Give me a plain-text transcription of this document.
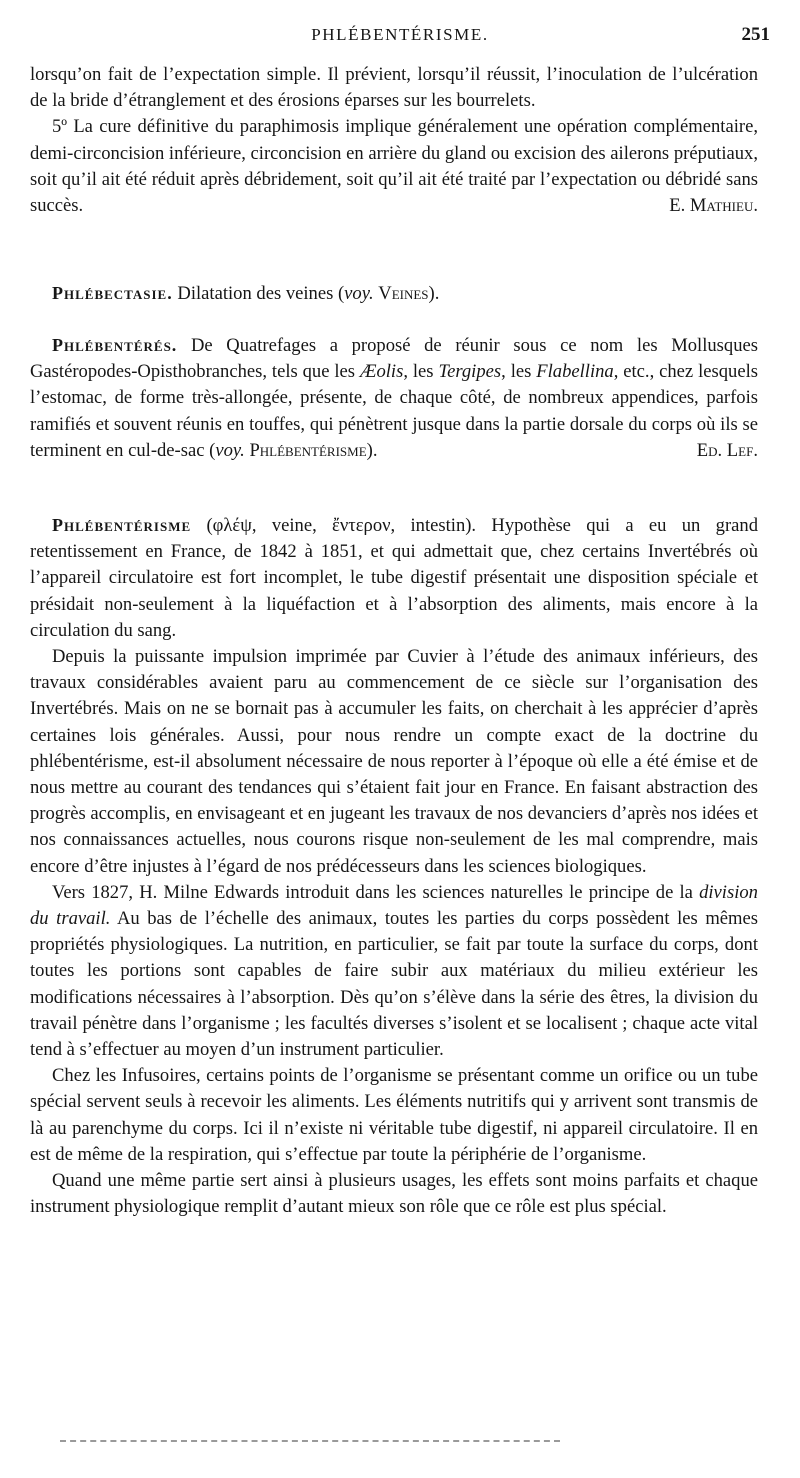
PHLÉBENTÉRISME.	251

lorsqu’on fait de l’expectation simple. Il prévient, lorsqu’il réussit, l’inoculation de l’ulcération de la bride d’étranglement et des érosions éparses sur les bourrelets.

5º La cure définitive du paraphimosis implique généralement une opération complémentaire, demi-circoncision inférieure, circoncision en arrière du gland ou excision des ailerons préputiaux, soit qu’il ait été réduit après débridement, soit qu’il ait été traité par l’expectation ou débridé sans succès.	E. Mathieu.

Phlébectasie. Dilatation des veines (voy. Veines).

Phlébentérés. De Quatrefages a proposé de réunir sous ce nom les Mollusques Gastéropodes-Opisthobranches, tels que les Æolis, les Tergipes, les Flabellina, etc., chez lesquels l’estomac, de forme très-allongée, présente, de chaque côté, de nombreux appendices, parfois ramifiés et souvent réunis en touffes, qui pénètrent jusque dans la partie dorsale du corps où ils se terminent en cul-de-sac (voy. Phlébentérisme).	Ed. Lef.

Phlébentérisme (φλέψ, veine, ἔντερον, intestin). Hypothèse qui a eu un grand retentissement en France, de 1842 à 1851, et qui admettait que, chez certains Invertébrés où l’appareil circulatoire est fort incomplet, le tube digestif présentait une disposition spéciale et présidait non-seulement à la liquéfaction et à l’absorption des aliments, mais encore à la circulation du sang.

Depuis la puissante impulsion imprimée par Cuvier à l’étude des animaux inférieurs, des travaux considérables avaient paru au commencement de ce siècle sur l’organisation des Invertébrés. Mais on ne se bornait pas à accumuler les faits, on cherchait à les apprécier d’après certaines lois générales. Aussi, pour nous rendre un compte exact de la doctrine du phlébentérisme, est-il absolument nécessaire de nous reporter à l’époque où elle a été émise et de nous mettre au courant des tendances qui s’étaient fait jour en France. En faisant abstraction des progrès accomplis, en envisageant et en jugeant les travaux de nos devanciers d’après nos idées et nos connaissances actuelles, nous courons risque non-seulement de les mal comprendre, mais encore d’être injustes à l’égard de nos prédécesseurs dans les sciences biologiques.

Vers 1827, H. Milne Edwards introduit dans les sciences naturelles le principe de la division du travail. Au bas de l’échelle des animaux, toutes les parties du corps possèdent les mêmes propriétés physiologiques. La nutrition, en particulier, se fait par toute la surface du corps, dont toutes les portions sont capables de faire subir aux matériaux du milieu extérieur les modifications nécessaires à l’absorption. Dès qu’on s’élève dans la série des êtres, la division du travail pénètre dans l’organisme ; les facultés diverses s’isolent et se localisent ; chaque acte vital tend à s’effectuer au moyen d’un instrument particulier.

Chez les Infusoires, certains points de l’organisme se présentant comme un orifice ou un tube spécial servent seuls à recevoir les aliments. Les éléments nutritifs qui y arrivent sont transmis de là au parenchyme du corps. Ici il n’existe ni véritable tube digestif, ni appareil circulatoire. Il en est de même de la respiration, qui s’effectue par toute la périphérie de l’organisme.

Quand une même partie sert ainsi à plusieurs usages, les effets sont moins parfaits et chaque instrument physiologique remplit d’autant mieux son rôle que ce rôle est plus spécial.
